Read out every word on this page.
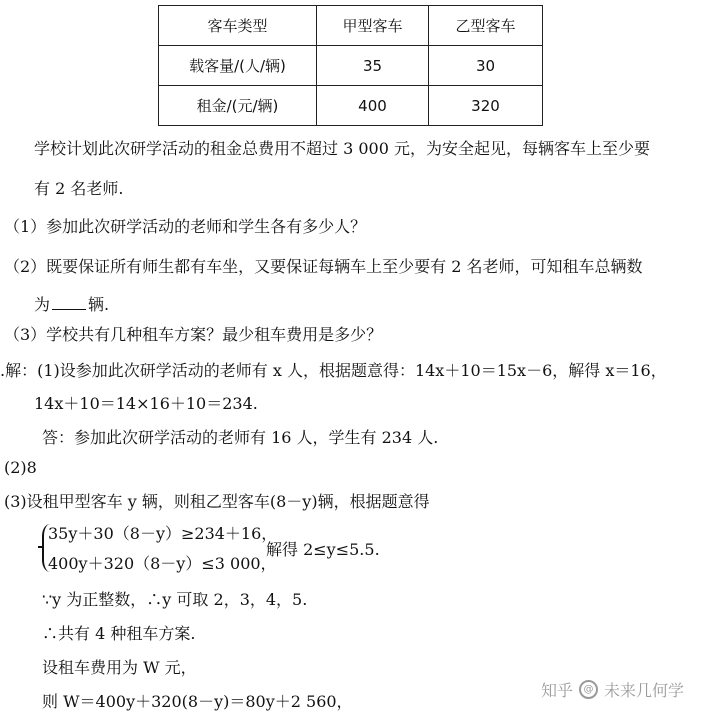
客车类型	甲型客车	乙型客车
载客量/(人/辆)	35	30
租金/(元/辆)	400	320
学校计划此次研学活动的租金总费用不超过 3 000 元，为安全起见，每辆客车上至少要
有 2 名老师.
（1）参加此次研学活动的老师和学生各有多少人？
（2）既要保证所有师生都有车坐，又要保证每辆车上至少要有 2 名老师，可知租车总辆数
为 辆.
（3）学校共有几种租车方案？最少租车费用是多少？
.解：(1)设参加此次研学活动的老师有 x 人，根据题意得：14x＋10＝15x－6，解得 x＝16，
14x＋10＝14×16＋10＝234.
答：参加此次研学活动的老师有 16 人，学生有 234 人.
(2)8
(3)设租甲型客车 y 辆，则租乙型客车(8－y)辆，根据题意得
35y＋30（8－y）≥234＋16，
400y＋320（8－y）≤3 000，
解得 2≤y≤5.5.
∵y 为正整数，∴y 可取 2，3，4，5.
∴共有 4 种租车方案.
设租车费用为 W 元，
则 W＝400y＋320(8－y)＝80y＋2 560，
知乎	@ 未来几何学
